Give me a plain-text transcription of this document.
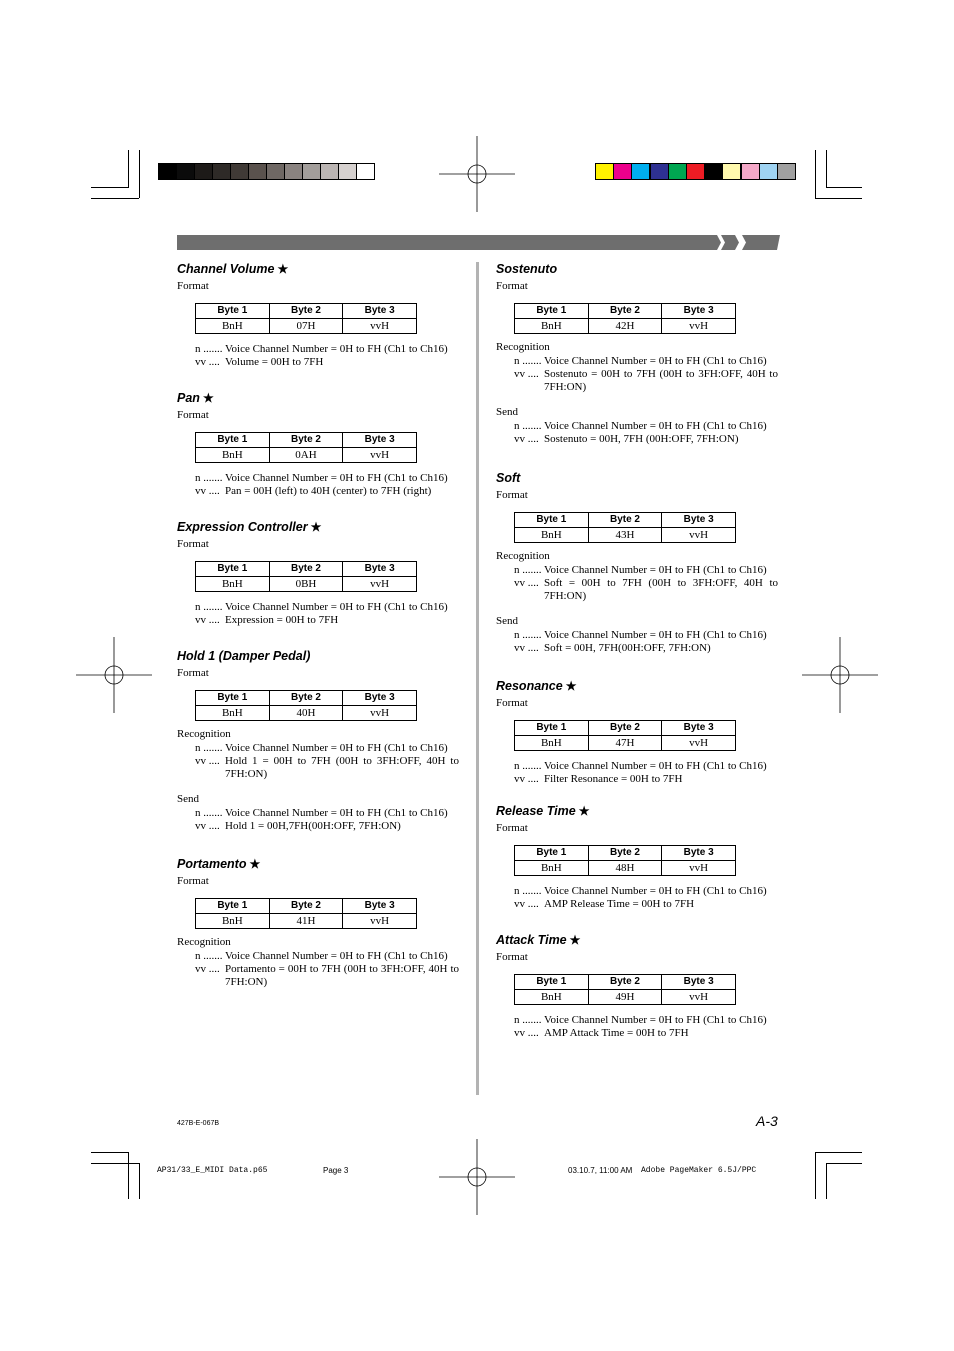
Channel Volume ★
Format
Byte 1	Byte 2	Byte 3
BnH	07H	vvH
n ....... Voice Channel Number = 0H to FH (Ch1 to Ch16)
vv .... Volume = 00H to 7FH
Pan ★
Format
Byte 1	Byte 2	Byte 3
BnH	0AH	vvH
n ....... Voice Channel Number = 0H to FH (Ch1 to Ch16)
vv .... Pan = 00H (left) to 40H (center) to 7FH (right)
Expression Controller ★
Format
Byte 1	Byte 2	Byte 3
BnH	0BH	vvH
n ....... Voice Channel Number = 0H to FH (Ch1 to Ch16)
vv .... Expression = 00H to 7FH
Hold 1 (Damper Pedal)
Format
Byte 1	Byte 2	Byte 3
BnH	40H	vvH
Recognition
n ....... Voice Channel Number = 0H to FH (Ch1 to Ch16)
vv .... Hold 1 = 00H to 7FH (00H to 3FH:OFF, 40H to 7FH:ON)
Send
n ....... Voice Channel Number = 0H to FH (Ch1 to Ch16)
vv .... Hold 1 = 00H,7FH(00H:OFF, 7FH:ON)
Portamento ★
Format
Byte 1	Byte 2	Byte 3
BnH	41H	vvH
Recognition
n ....... Voice Channel Number = 0H to FH (Ch1 to Ch16)
vv .... Portamento = 00H to 7FH (00H to 3FH:OFF, 40H to 7FH:ON)
Sostenuto
Format
Byte 1	Byte 2	Byte 3
BnH	42H	vvH
Recognition
n ....... Voice Channel Number = 0H to FH (Ch1 to Ch16)
vv .... Sostenuto = 00H to 7FH (00H to 3FH:OFF, 40H to 7FH:ON)
Send
n ....... Voice Channel Number = 0H to FH (Ch1 to Ch16)
vv .... Sostenuto = 00H, 7FH (00H:OFF, 7FH:ON)
Soft
Format
Byte 1	Byte 2	Byte 3
BnH	43H	vvH
Recognition
n ....... Voice Channel Number = 0H to FH (Ch1 to Ch16)
vv .... Soft = 00H to 7FH (00H to 3FH:OFF, 40H to 7FH:ON)
Send
n ....... Voice Channel Number = 0H to FH (Ch1 to Ch16)
vv .... Soft = 00H, 7FH(00H:OFF, 7FH:ON)
Resonance ★
Format
Byte 1	Byte 2	Byte 3
BnH	47H	vvH
n ....... Voice Channel Number = 0H to FH (Ch1 to Ch16)
vv .... Filter Resonance = 00H to 7FH
Release Time ★
Format
Byte 1	Byte 2	Byte 3
BnH	48H	vvH
n ....... Voice Channel Number = 0H to FH (Ch1 to Ch16)
vv .... AMP Release Time = 00H to 7FH
Attack Time ★
Format
Byte 1	Byte 2	Byte 3
BnH	49H	vvH
n ....... Voice Channel Number = 0H to FH (Ch1 to Ch16)
vv .... AMP Attack Time = 00H to 7FH
427B-E-067B	A-3
AP31/33_E_MIDI Data.p65	Page 3	03.10.7, 11:00 AM Adobe PageMaker 6.5J/PPC
